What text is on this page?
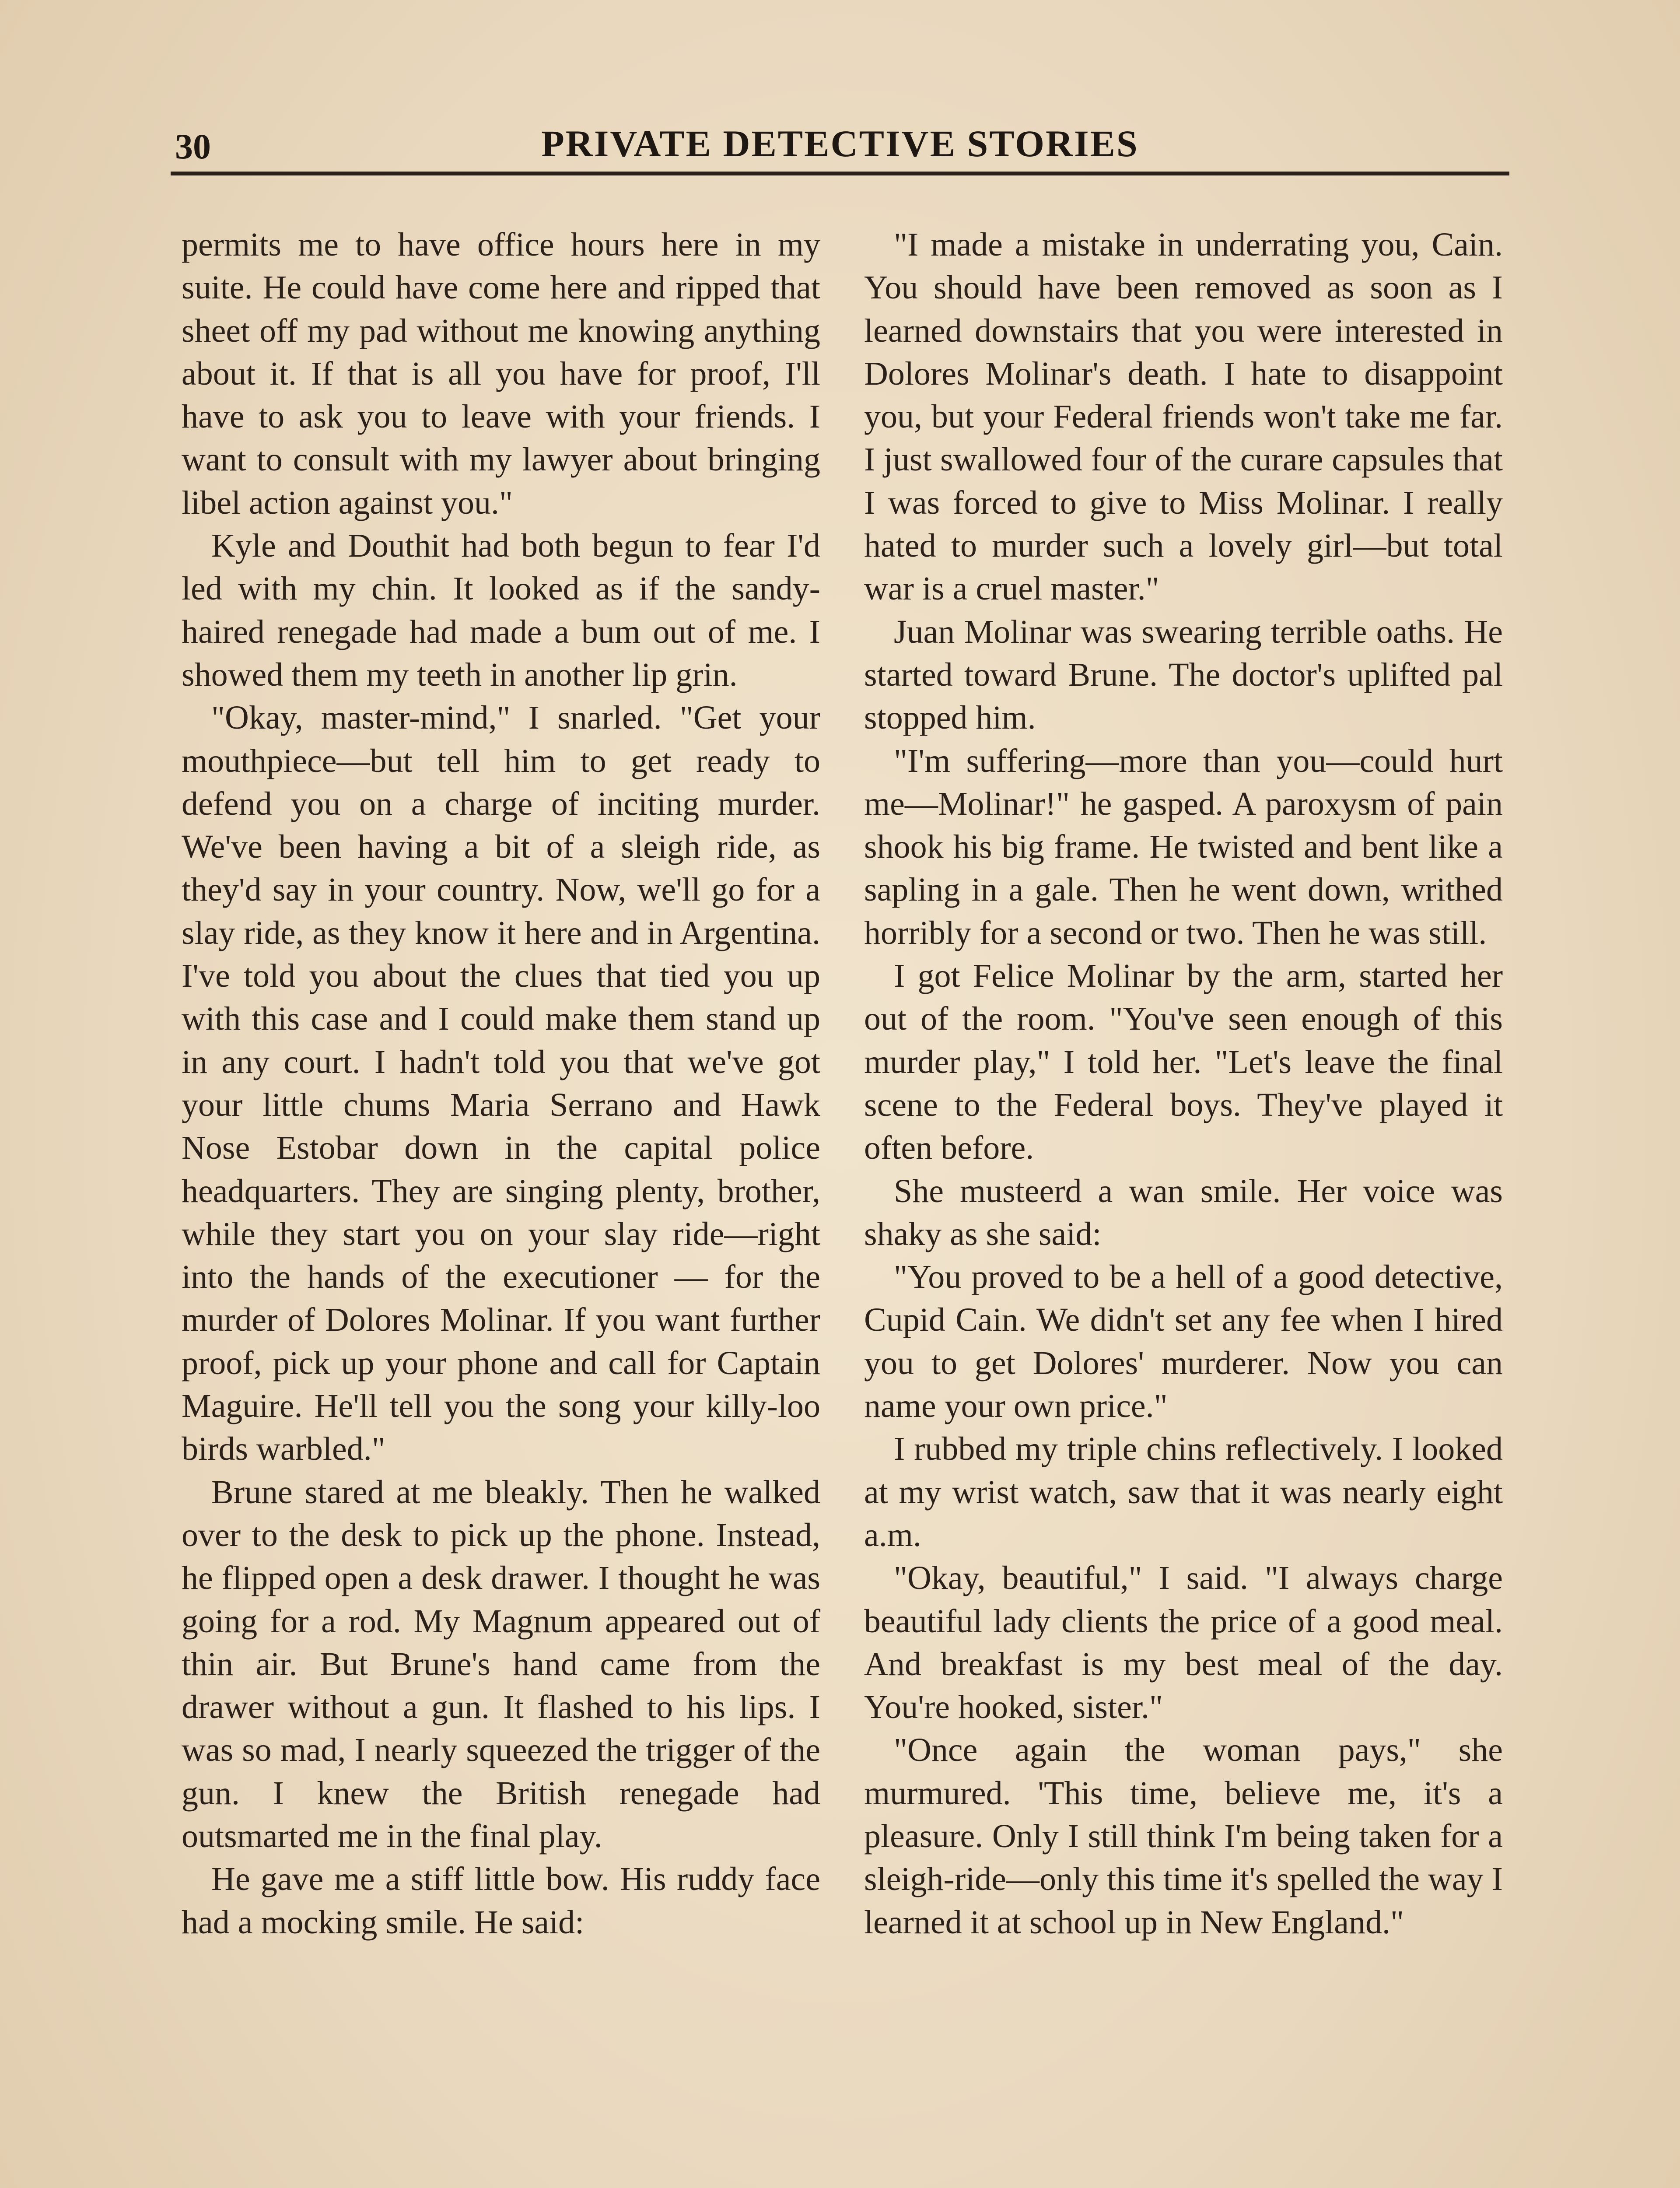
30	PRIVATE DETECTIVE STORIES

permits me to have office hours here in my suite. He could have come here and ripped that sheet off my pad without me knowing anything about it. If that is all you have for proof, I'll have to ask you to leave with your friends. I want to consult with my lawyer about bringing libel action against you."

Kyle and Douthit had both begun to fear I'd led with my chin. It looked as if the sandy-haired renegade had made a bum out of me. I showed them my teeth in another lip grin.

"Okay, master-mind," I snarled. "Get your mouthpiece—but tell him to get ready to defend you on a charge of inciting murder. We've been having a bit of a sleigh ride, as they'd say in your country. Now, we'll go for a slay ride, as they know it here and in Argentina. I've told you about the clues that tied you up with this case and I could make them stand up in any court. I hadn't told you that we've got your little chums Maria Serrano and Hawk Nose Estobar down in the capital police headquarters. They are singing plenty, brother, while they start you on your slay ride—right into the hands of the executioner — for the murder of Dolores Molinar. If you want further proof, pick up your phone and call for Captain Maguire. He'll tell you the song your killy-loo birds warbled."

Brune stared at me bleakly. Then he walked over to the desk to pick up the phone. Instead, he flipped open a desk drawer. I thought he was going for a rod. My Magnum appeared out of thin air. But Brune's hand came from the drawer without a gun. It flashed to his lips. I was so mad, I nearly squeezed the trigger of the gun. I knew the British renegade had outsmarted me in the final play.

He gave me a stiff little bow. His ruddy face had a mocking smile. He said:

"I made a mistake in underrating you, Cain. You should have been removed as soon as I learned downstairs that you were interested in Dolores Molinar's death. I hate to disappoint you, but your Federal friends won't take me far. I just swallowed four of the curare capsules that I was forced to give to Miss Molinar. I really hated to murder such a lovely girl—but total war is a cruel master."

Juan Molinar was swearing terrible oaths. He started toward Brune. The doctor's uplifted pal stopped him.

"I'm suffering—more than you—could hurt me—Molinar!" he gasped. A paroxysm of pain shook his big frame. He twisted and bent like a sapling in a gale. Then he went down, writhed horribly for a second or two. Then he was still.

I got Felice Molinar by the arm, started her out of the room. "You've seen enough of this murder play," I told her. "Let's leave the final scene to the Federal boys. They've played it often before.

She musteerd a wan smile. Her voice was shaky as she said:

"You proved to be a hell of a good detective, Cupid Cain. We didn't set any fee when I hired you to get Dolores' murderer. Now you can name your own price."

I rubbed my triple chins reflectively. I looked at my wrist watch, saw that it was nearly eight a.m.

"Okay, beautiful," I said. "I always charge beautiful lady clients the price of a good meal. And breakfast is my best meal of the day. You're hooked, sister."

"Once again the woman pays," she murmured. 'This time, believe me, it's a pleasure. Only I still think I'm being taken for a sleigh-ride—only this time it's spelled the way I learned it at school up in New England."
